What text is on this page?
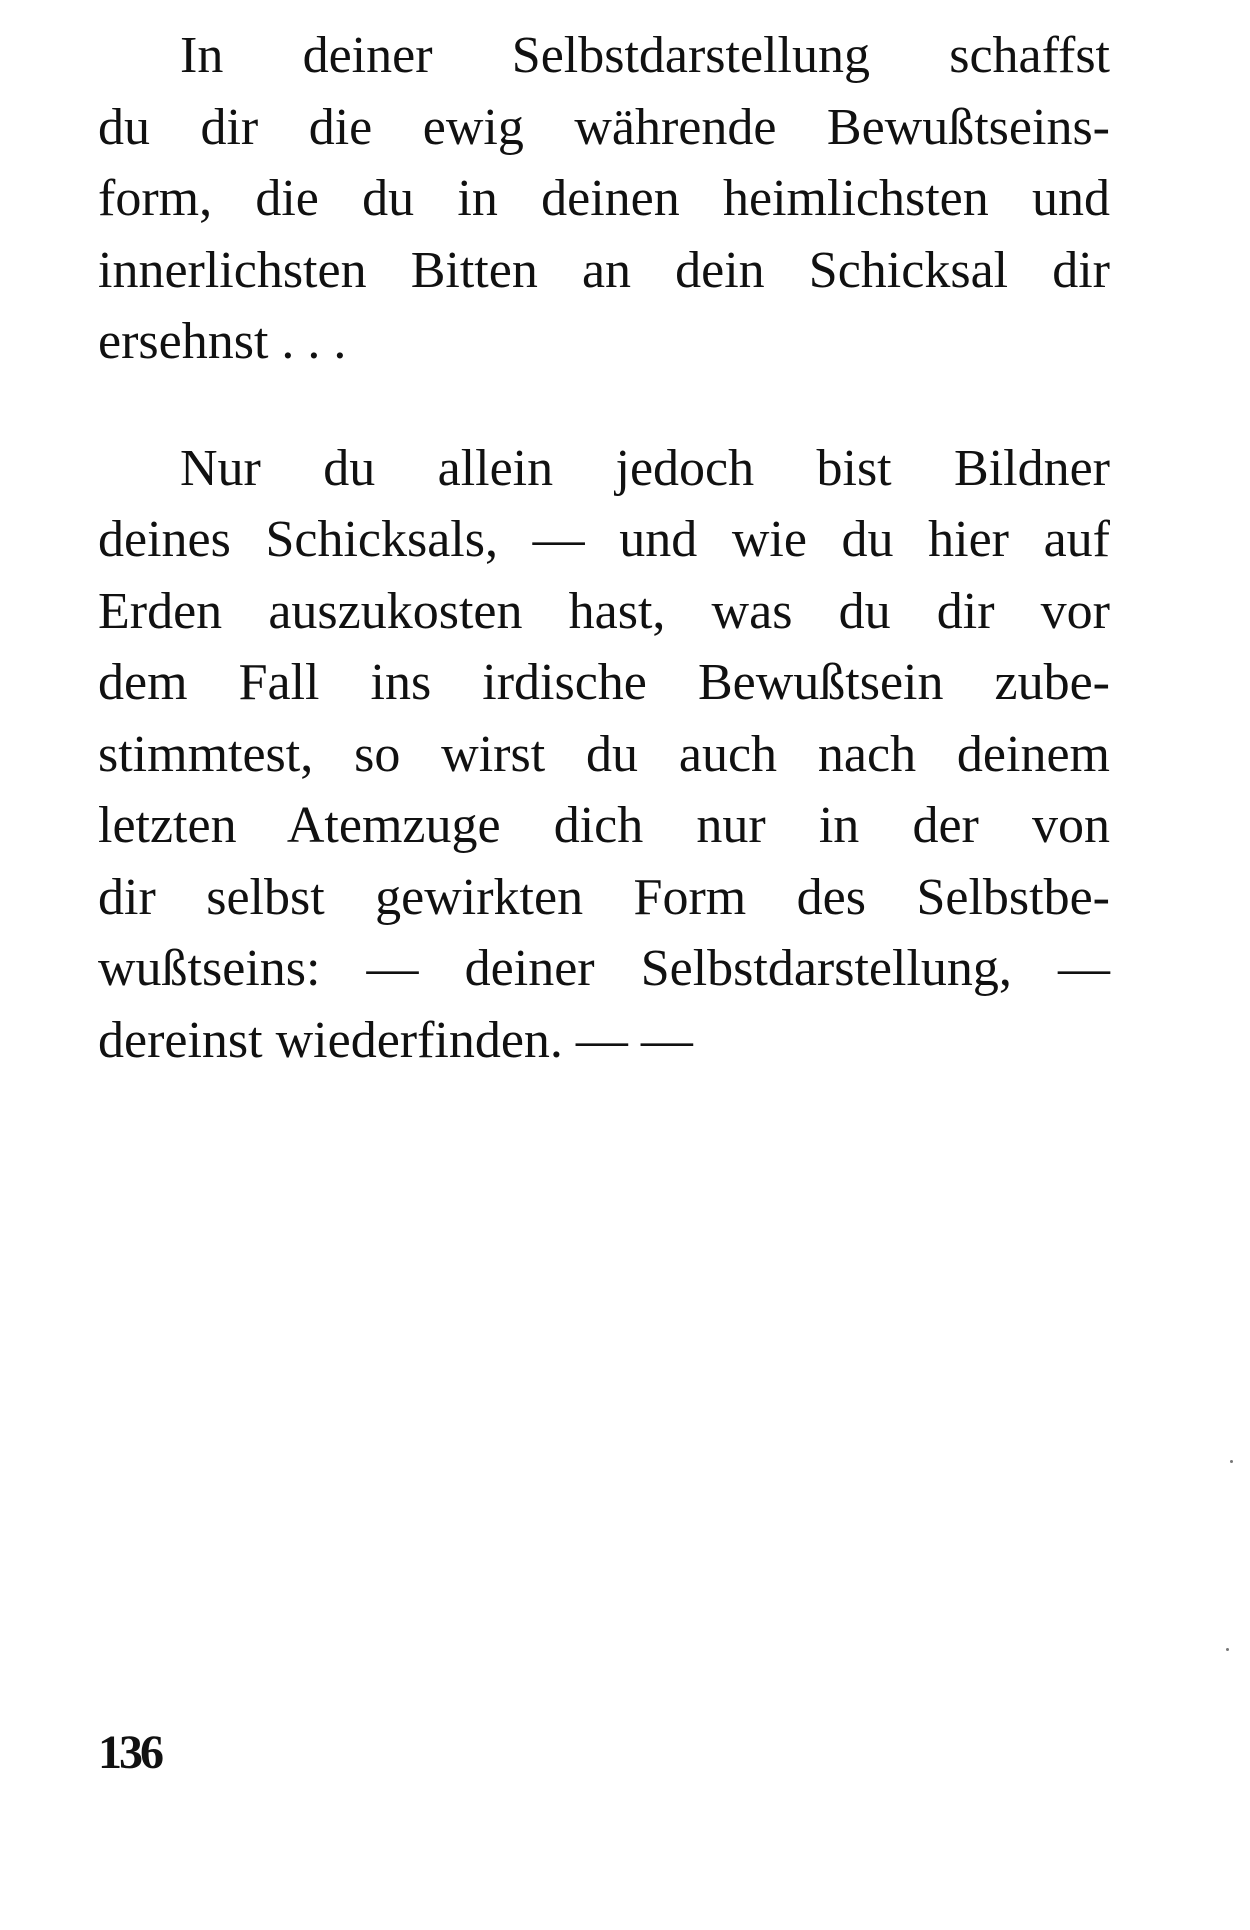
In deiner Selbstdarstellung schaffst
du dir die ewig währende Bewußtseins-
form, die du in deinen heimlichsten und
innerlichsten Bitten an dein Schicksal dir
ersehnst . . .

Nur du allein jedoch bist Bildner
deines Schicksals, — und wie du hier auf
Erden auszukosten hast, was du dir vor
dem Fall ins irdische Bewußtsein zube-
stimmtest, so wirst du auch nach deinem
letzten Atemzuge dich nur in der von
dir selbst gewirkten Form des Selbstbe-
wußtseins: — deiner Selbstdarstellung, —
dereinst wiederfinden. — —

136
